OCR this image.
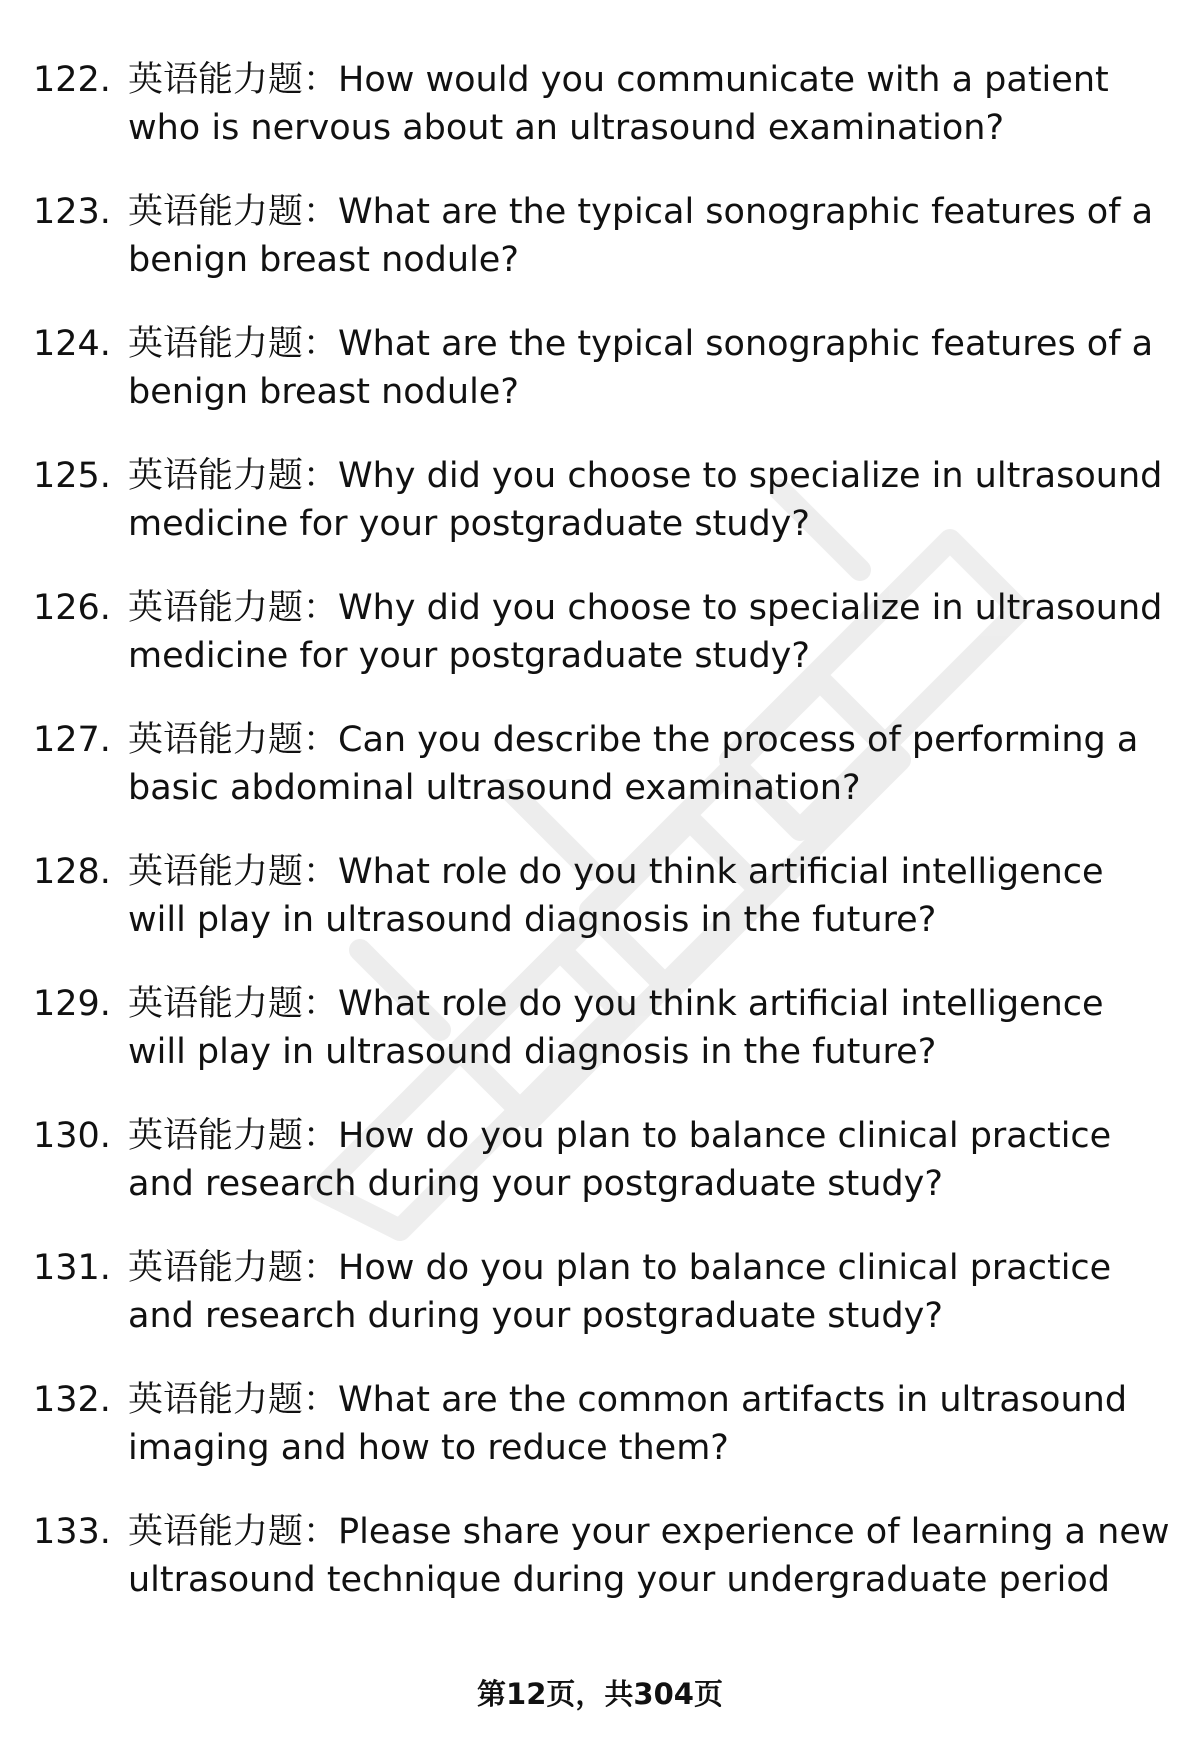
122. 英语能力题：How would you communicate with a patient
who is nervous about an ultrasound examination?
123. 英语能力题：What are the typical sonographic features of a
benign breast nodule?
124. 英语能力题：What are the typical sonographic features of a
benign breast nodule?
125. 英语能力题：Why did you choose to specialize in ultrasound
medicine for your postgraduate study?
126. 英语能力题：Why did you choose to specialize in ultrasound
medicine for your postgraduate study?
127. 英语能力题：Can you describe the process of performing a
basic abdominal ultrasound examination?
128. 英语能力题：What role do you think artificial intelligence
will play in ultrasound diagnosis in the future?
129. 英语能力题：What role do you think artificial intelligence
will play in ultrasound diagnosis in the future?
130. 英语能力题：How do you plan to balance clinical practice
and research during your postgraduate study?
131. 英语能力题：How do you plan to balance clinical practice
and research during your postgraduate study?
132. 英语能力题：What are the common artifacts in ultrasound
imaging and how to reduce them?
133. 英语能力题：Please share your experience of learning a new
ultrasound technique during your undergraduate period
第12页，共304页
